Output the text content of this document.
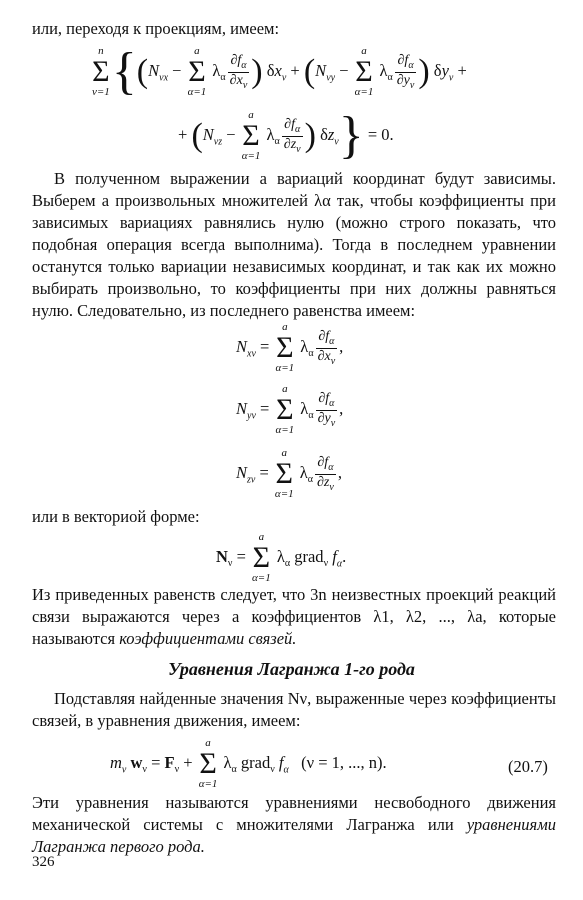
или, переходя к проекциям, имеем:
n
Σ
ν=1 {($N_{\nu x}$ −
a
Σ
α=1
$\lambda_\alpha \frac{\partial f_\alpha}{\partial x_\nu}$ ) $\delta x_\nu + (N_{\nu y}$ −
a
Σ
α=1
$\lambda_\alpha \frac{\partial f_\alpha}{\partial y_\nu}$ ) $\delta y_\nu$ +
+ ($N_{\nu z}$ −
a
Σ
α=1
$\lambda_\alpha \frac{\partial f_\alpha}{\partial z_\nu}$ ) $\delta z_\nu\} = 0$.
В полученном выражении a вариаций координат будут зависимы. Выберем a произвольных множителей λα так, чтобы коэффициенты при зависимых вариациях равнялись нулю (можно строго показать, что подобная операция всегда выполнима). Тогда в последнем уравнении останутся только вариации независимых координат, и так как их можно выбирать произвольно, то коэффициенты при них должны равняться нулю. Следовательно, из последнего равенства имеем:
$N_{x\nu}$ =
a
Σ
α=1
$\lambda_\alpha \frac{\partial f_\alpha}{\partial x_\nu}$ ,
$N_{y\nu}$ =
a
Σ
α=1
$\lambda_\alpha \frac{\partial f_\alpha}{\partial y_\nu}$ ,
$N_{z\nu}$ =
a
Σ
α=1
$\lambda_\alpha \frac{\partial f_\alpha}{\partial z_\nu}$ ,
или в векториой форме:
$N_\nu$ =
a
Σ
α=1
$\lambda_\alpha$ grad$_\nu$ $f_\alpha$.
Из приведенных равенств следует, что 3n неизвестных проекций реакций связи выражаются через a коэффициентов λ1, λ2, ..., λa, которые называются коэффициентами связей.
Уравнения Лагранжа 1-го рода
Подставляя найденные значения Nν, выраженные через коэффициенты связей, в уравнения движения, имеем:
$m_\nu$ $w_\nu = F_\nu$ +
a
Σ
α=1
$\lambda_\alpha$ grad$_\nu$ $f_\alpha$ (ν = 1, ..., n).	(20.7)
Эти уравнения называются уравнениями несвободного движения механической системы с множителями Лагранжа или уравнениями Лагранжа первого рода.
326
